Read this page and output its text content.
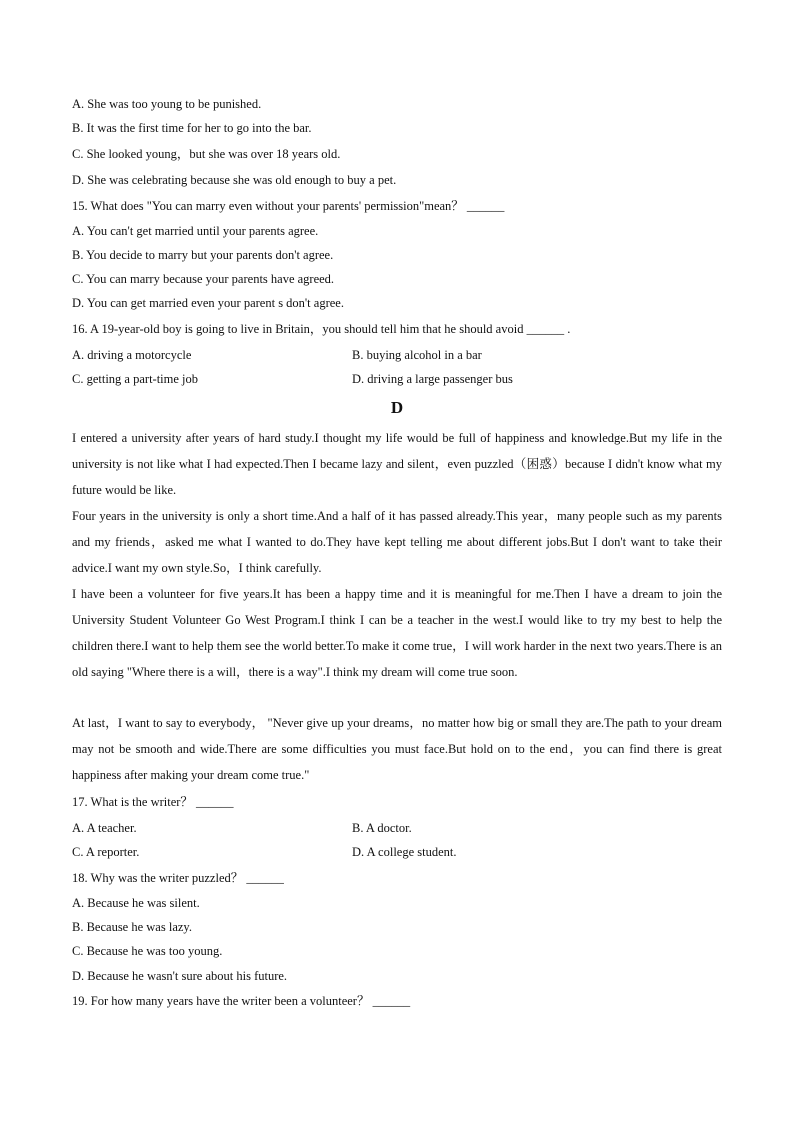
A. She was too young to be punished.
B. It was the first time for her to go into the bar.
C. She looked young，but she was over 18 years old.
D. She was celebrating because she was old enough to buy a pet.
15. What does "You can marry even without your parents' permission"mean？ ______
A. You can't get married until your parents agree.
B. You decide to marry but your parents don't agree.
C. You can marry because your parents have agreed.
D. You can get married even your parent s don't agree.
16. A 19-year-old boy is going to live in Britain，you should tell him that he should avoid ______ .
A. driving a motorcycle	B. buying alcohol in a bar
C. getting a part-time job	D. driving a large passenger bus
D
I entered a university after years of hard study.I thought my life would be full of happiness and knowledge.But my life in the university is not like what I had expected.Then I became lazy and silent，even puzzled（困惑）because I didn't know what my future would be like.
Four years in the university is only a short time.And a half of it has passed already.This year，many people such as my parents and my friends，asked me what I wanted to do.They have kept telling me about different jobs.But I don't want to take their advice.I want my own style.So，I think carefully.
I have been a volunteer for five years.It has been a happy time and it is meaningful for me.Then I have a dream to join the University Student Volunteer Go West Program.I think I can be a teacher in the west.I would like to try my best to help the children there.I want to help them see the world better.To make it come true，I will work harder in the next two years.There is an old saying "Where there is a will，there is a way".I think my dream will come true soon.
At last，I want to say to everybody， "Never give up your dreams，no matter how big or small they are.The path to your dream may not be smooth and wide.There are some difficulties you must face.But hold on to the end，you can find there is great happiness after making your dream come true."
17. What is the writer？ ______
A. A teacher.	B. A doctor.
C. A reporter.	D. A college student.
18. Why was the writer puzzled？ ______
A. Because he was silent.
B. Because he was lazy.
C. Because he was too young.
D. Because he wasn't sure about his future.
19. For how many years have the writer been a volunteer？ ______
